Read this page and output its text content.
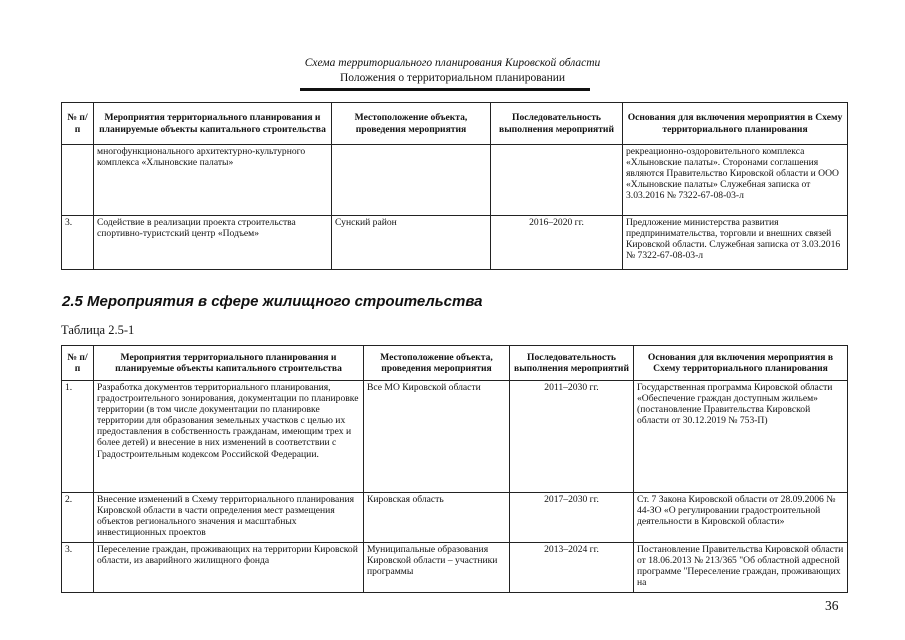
Схема территориального планирования Кировской области
Положения о территориальном планировании
№ п/п	Мероприятия территориального планирования и планируемые объекты капитального строительства	Местоположение объекта, проведения мероприятия	Последовательность выполнения мероприятий	Основания для включения мероприятия в Схему территориального планирования
	многофункционального архитектурно-культурного комплекса «Хлыновские палаты»			рекреационно-оздоровительного комплекса «Хлыновские палаты». Сторонами соглашения являются Правительство Кировской области и ООО «Хлыновские палаты» Служебная записка от 3.03.2016 № 7322-67-08-03-л
3.	Содействие в реализации проекта строительства спортивно-туристский центр «Подъем»	Сунский район	2016–2020 гг.	Предложение министерства развития предпринимательства, торговли и внешних связей Кировской области. Служебная записка от 3.03.2016 № 7322-67-08-03-л
2.5 Мероприятия в сфере жилищного строительства
Таблица 2.5-1
№ п/п	Мероприятия территориального планирования и планируемые объекты капитального строительства	Местоположение объекта, проведения мероприятия	Последовательность выполнения мероприятий	Основания для включения мероприятия в Схему территориального планирования
1.	Разработка документов территориального планирования, градостроительного зонирования, документации по планировке территории (в том числе документации по планировке территории для образования земельных участков с целью их предоставления в собственность гражданам, имеющим трех и более детей) и внесение в них изменений в соответствии с Градостроительным кодексом Российской Федерации.	Все МО Кировской области	2011–2030 гг.	Государственная программа Кировской области «Обеспечение граждан доступным жильем» (постановление Правительства Кировской области от 30.12.2019 № 753-П)
2.	Внесение изменений в Схему территориального планирования Кировской области в части определения мест размещения объектов регионального значения и масштабных инвестиционных проектов	Кировская область	2017–2030 гг.	Ст. 7 Закона Кировской области от 28.09.2006 № 44-ЗО «О регулировании градостроительной деятельности в Кировской области»
3.	Переселение граждан, проживающих на территории Кировской области, из аварийного жилищного фонда	Муниципальные образования Кировской области – участники программы	2013–2024 гг.	Постановление Правительства Кировской области от 18.06.2013 № 213/365 "Об областной адресной программе "Переселение граждан, проживающих на
36
